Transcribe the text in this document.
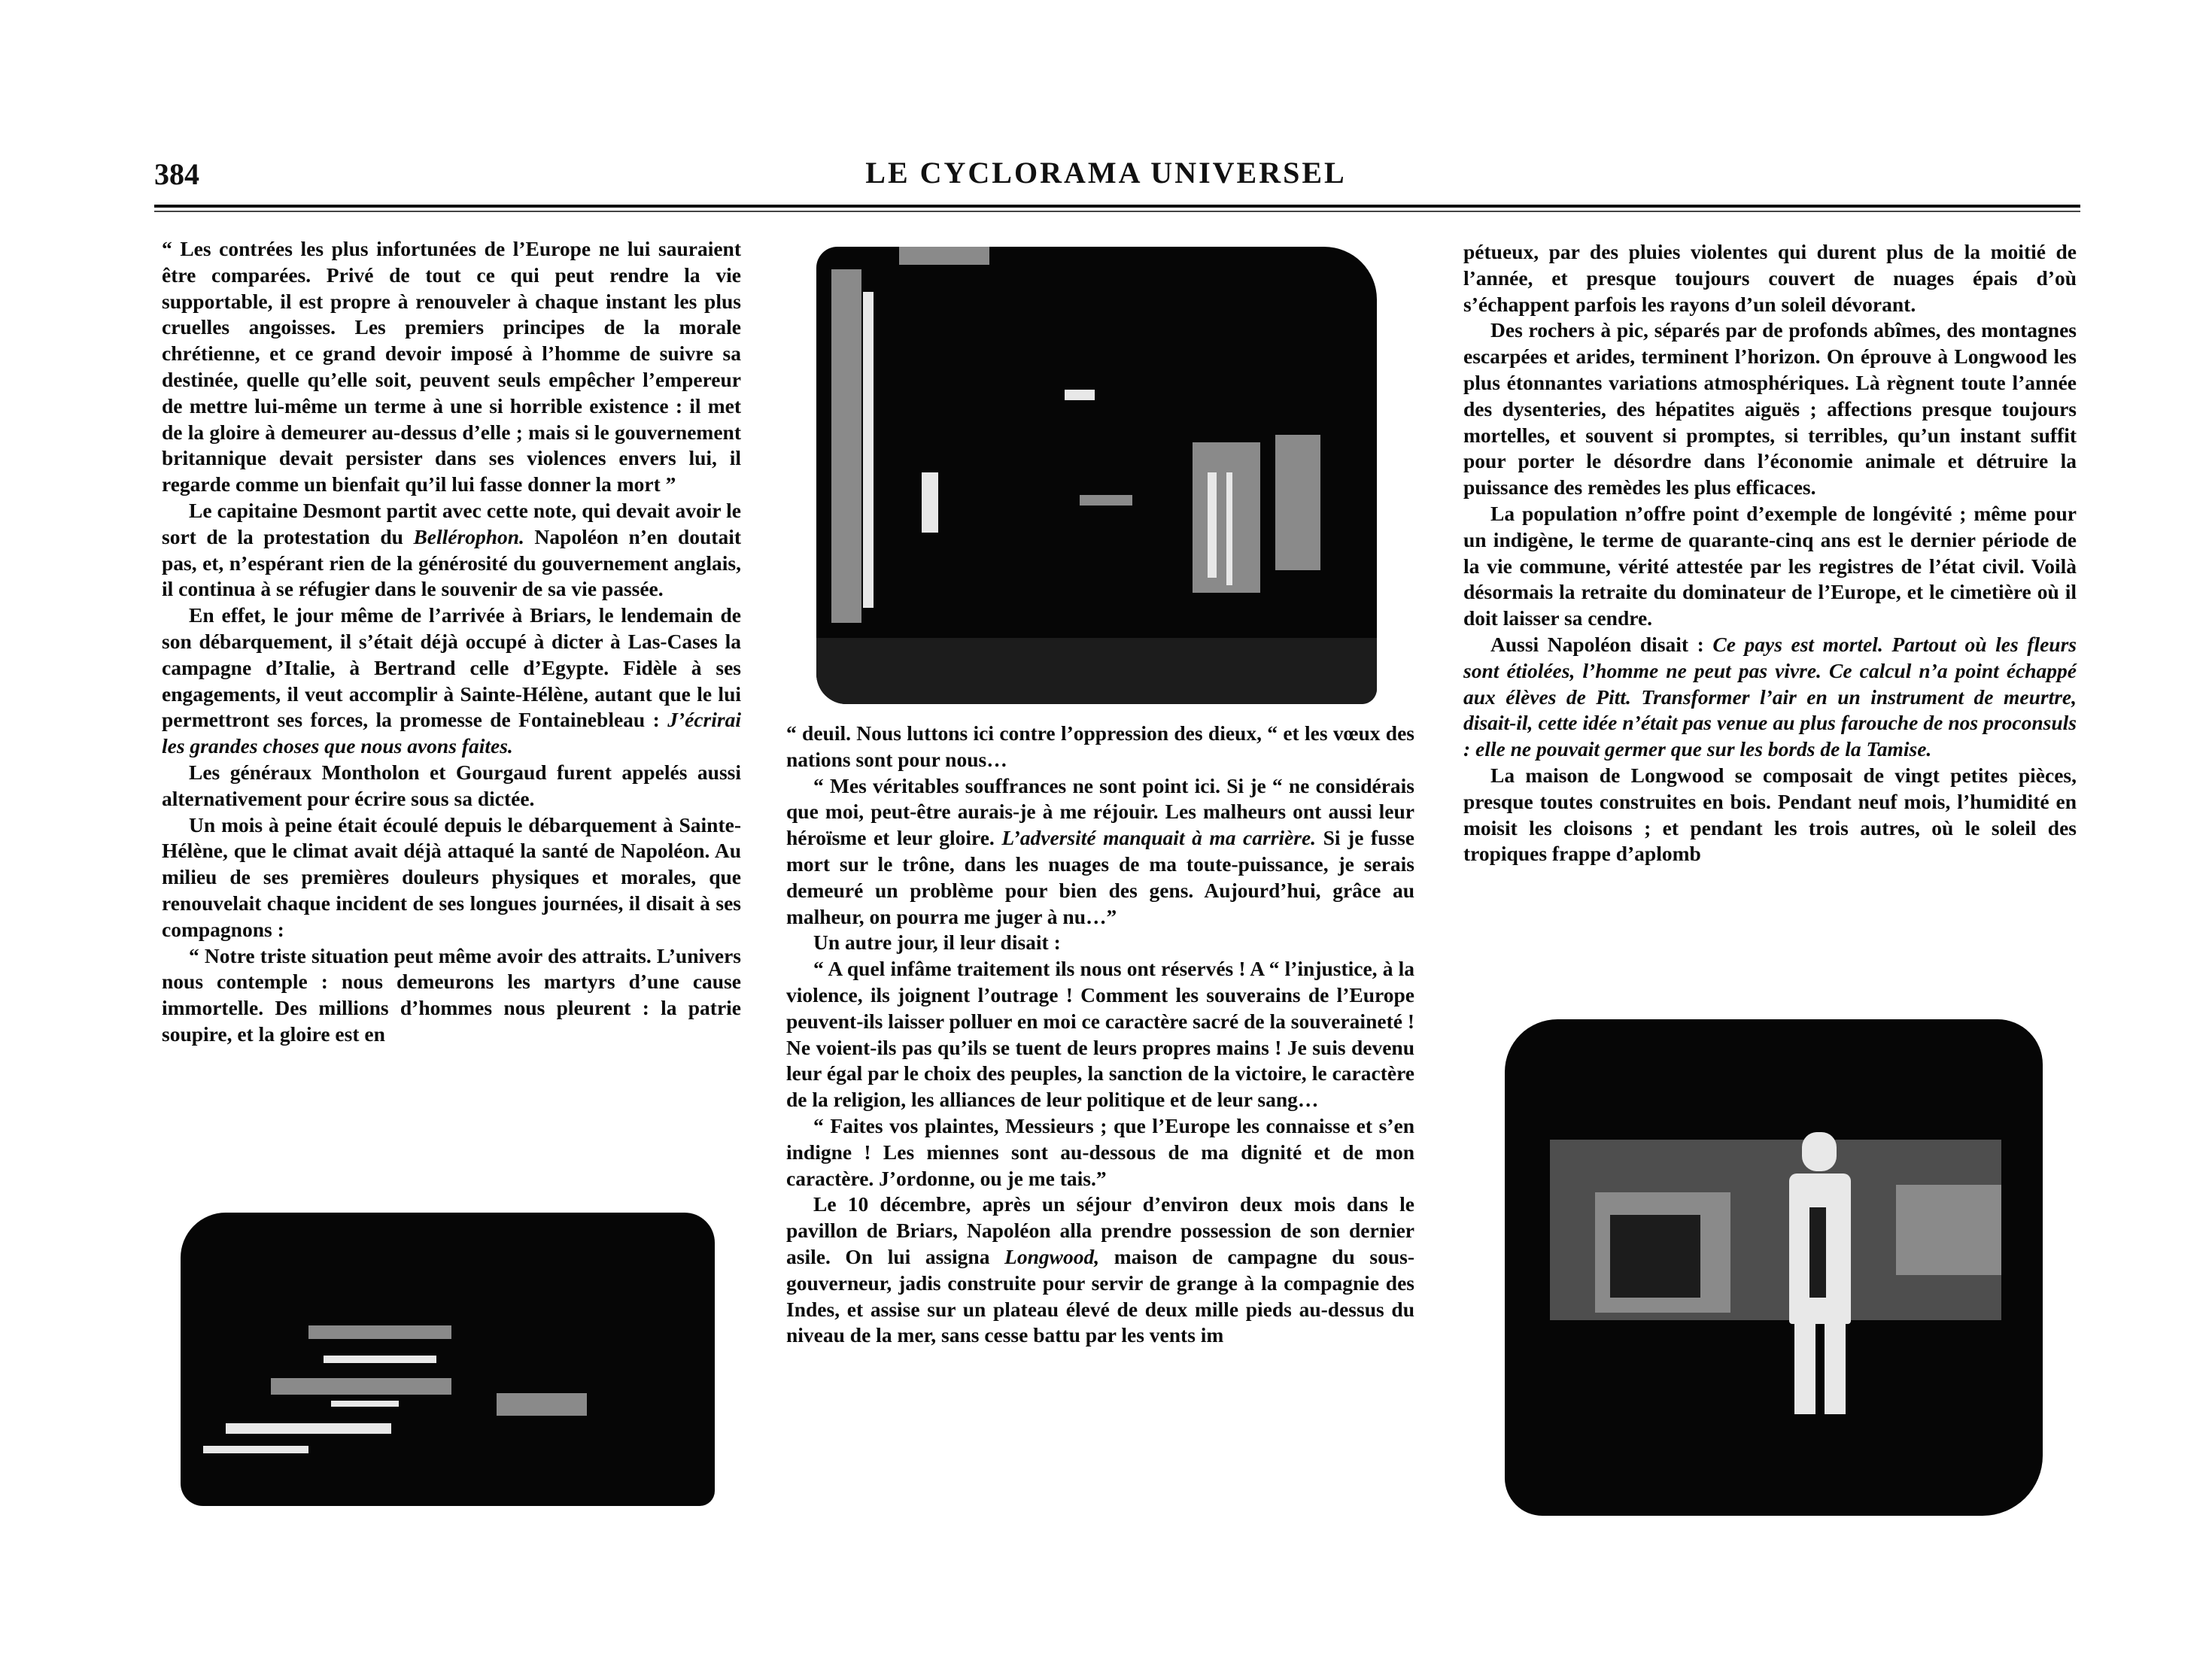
384	LE CYCLORAMA UNIVERSEL

“ Les contrées les plus infortunées de l’Europe ne lui sauraient être comparées. Privé de tout ce qui peut rendre la vie supportable, il est propre à renouveler à chaque instant les plus cruelles angoisses. Les premiers principes de la morale chrétienne, et ce grand devoir imposé à l’homme de suivre sa destinée, quelle qu’elle soit, peuvent seuls empêcher l’empereur de mettre lui-même un terme à une si horrible existence : il met de la gloire à demeurer au-dessus d’elle ; mais si le gouvernement britannique devait persister dans ses violences envers lui, il regarde comme un bienfait qu’il lui fasse donner la mort ”

Le capitaine Desmont partit avec cette note, qui devait avoir le sort de la protestation du Bellérophon. Napoléon n’en doutait pas, et, n’espérant rien de la générosité du gouvernement anglais, il continua à se réfugier dans le souvenir de sa vie passée.

En effet, le jour même de l’arrivée à Briars, le lendemain de son débarquement, il s’était déjà occupé à dicter à Las-Cases la campagne d’Italie, à Bertrand celle d’Egypte. Fidèle à ses engagements, il veut accomplir à Sainte-Hélène, autant que le lui permettront ses forces, la promesse de Fontainebleau : J’écrirai les grandes choses que nous avons faites.

Les généraux Montholon et Gourgaud furent appelés aussi alternativement pour écrire sous sa dictée.

Un mois à peine était écoulé depuis le débarquement à Sainte-Hélène, que le climat avait déjà attaqué la santé de Napoléon. Au milieu de ses premières douleurs physiques et morales, que renouvelait chaque incident de ses longues journées, il disait à ses compagnons :

“ Notre triste situation peut même avoir des attraits. L’univers nous contemple : nous demeurons les martyrs d’une cause immortelle. Des millions d’hommes nous pleurent : la patrie soupire, et la gloire est en

“ deuil. Nous luttons ici contre l’oppression des dieux, “ et les vœux des nations sont pour nous…

“ Mes véritables souffrances ne sont point ici. Si je “ ne considérais que moi, peut-être aurais-je à me réjouir. Les malheurs ont aussi leur héroïsme et leur gloire. L’adversité manquait à ma carrière. Si je fusse mort sur le trône, dans les nuages de ma toute-puissance, je serais demeuré un problème pour bien des gens. Aujourd’hui, grâce au malheur, on pourra me juger à nu…”

Un autre jour, il leur disait :

“ A quel infâme traitement ils nous ont réservés ! A “ l’injustice, à la violence, ils joignent l’outrage ! Comment les souverains de l’Europe peuvent-ils laisser polluer en moi ce caractère sacré de la souveraineté ! Ne voient-ils pas qu’ils se tuent de leurs propres mains ! Je suis devenu leur égal par le choix des peuples, la sanction de la victoire, le caractère de la religion, les alliances de leur politique et de leur sang…

“ Faites vos plaintes, Messieurs ; que l’Europe les connaisse et s’en indigne ! Les miennes sont au-dessous de ma dignité et de mon caractère. J’ordonne, ou je me tais.”

Le 10 décembre, après un séjour d’environ deux mois dans le pavillon de Briars, Napoléon alla prendre possession de son dernier asile. On lui assigna Longwood, maison de campagne du sous-gouverneur, jadis construite pour servir de grange à la compagnie des Indes, et assise sur un plateau élevé de deux mille pieds au-dessus du niveau de la mer, sans cesse battu par les vents im

pétueux, par des pluies violentes qui durent plus de la moitié de l’année, et presque toujours couvert de nuages épais d’où s’échappent parfois les rayons d’un soleil dévorant.

Des rochers à pic, séparés par de profonds abîmes, des montagnes escarpées et arides, terminent l’horizon. On éprouve à Longwood les plus étonnantes variations atmosphériques. Là règnent toute l’année des dysenteries, des hépatites aiguës ; affections presque toujours mortelles, et souvent si promptes, si terribles, qu’un instant suffit pour porter le désordre dans l’économie animale et détruire la puissance des remèdes les plus efficaces.

La population n’offre point d’exemple de longévité ; même pour un indigène, le terme de quarante-cinq ans est le dernier période de la vie commune, vérité attestée par les registres de l’état civil. Voilà désormais la retraite du dominateur de l’Europe, et le cimetière où il doit laisser sa cendre.

Aussi Napoléon disait : Ce pays est mortel. Partout où les fleurs sont étiolées, l’homme ne peut pas vivre. Ce calcul n’a point échappé aux élèves de Pitt. Transformer l’air en un instrument de meurtre, disait-il, cette idée n’était pas venue au plus farouche de nos proconsuls : elle ne pouvait germer que sur les bords de la Tamise.

La maison de Longwood se composait de vingt petites pièces, presque toutes construites en bois. Pendant neuf mois, l’humidité en moisit les cloisons ; et pendant les trois autres, où le soleil des tropiques frappe d’aplomb
